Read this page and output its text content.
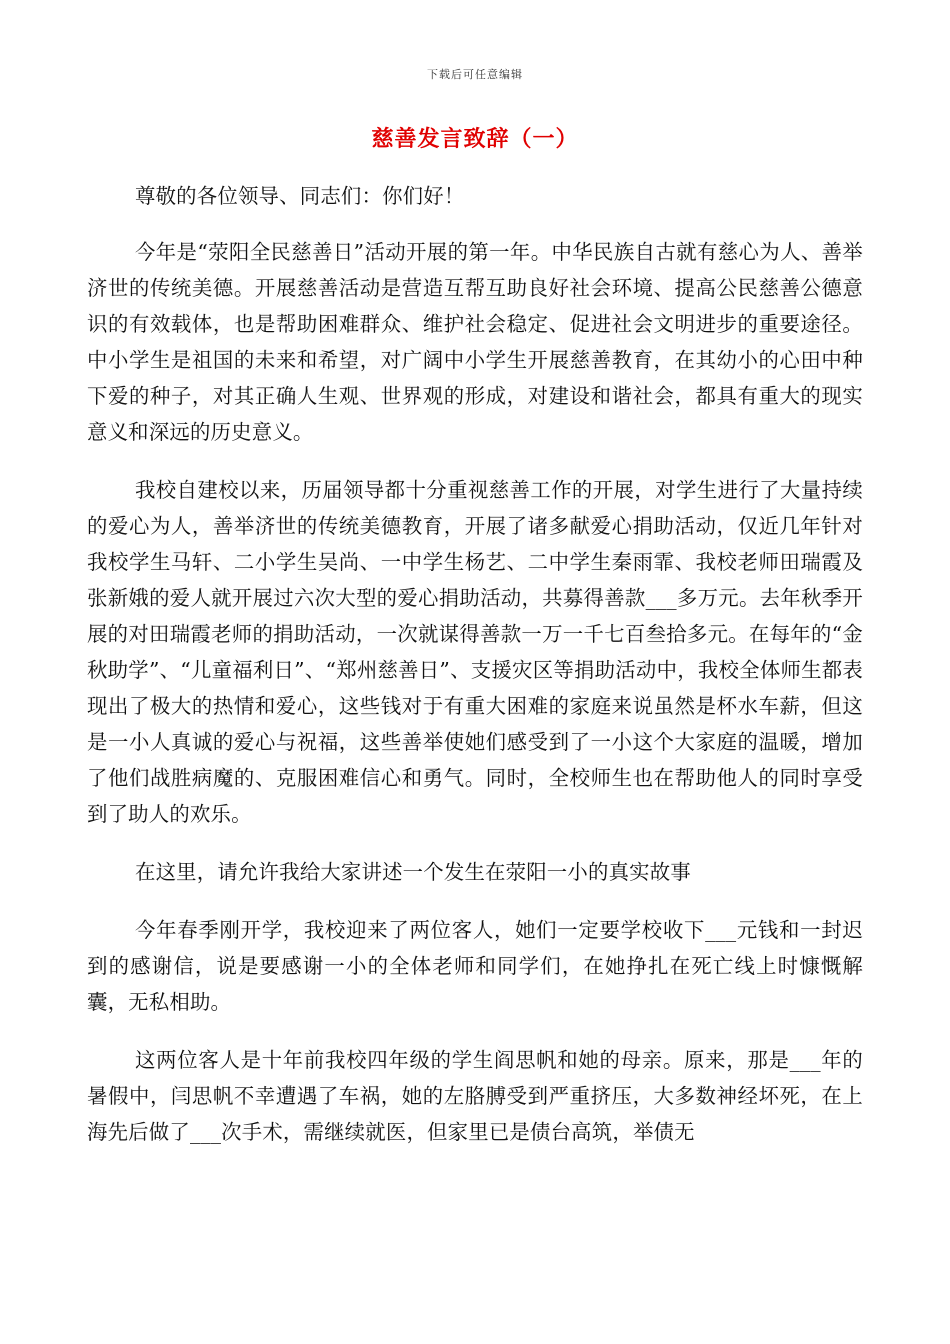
下载后可任意编辑
慈善发言致辞（一）

尊敬的各位领导、同志们：你们好！

今年是“荥阳全民慈善日”活动开展的第一年。中华民族自古就有慈心为人、善举济世的传统美德。开展慈善活动是营造互帮互助良好社会环境、提高公民慈善公德意识的有效载体，也是帮助困难群众、维护社会稳定、促进社会文明进步的重要途径。中小学生是祖国的未来和希望，对广阔中小学生开展慈善教育，在其幼小的心田中种下爱的种子，对其正确人生观、世界观的形成，对建设和谐社会，都具有重大的现实意义和深远的历史意义。

我校自建校以来，历届领导都十分重视慈善工作的开展，对学生进行了大量持续的爱心为人，善举济世的传统美德教育，开展了诸多献爱心捐助活动，仅近几年针对我校学生马轩、二小学生吴尚、一中学生杨艺、二中学生秦雨霏、我校老师田瑞霞及张新娥的爱人就开展过六次大型的爱心捐助活动，共募得善款___多万元。去年秋季开展的对田瑞霞老师的捐助活动，一次就谋得善款一万一千七百叁拾多元。在每年的“金秋助学”、“儿童福利日”、“郑州慈善日”、支援灾区等捐助活动中，我校全体师生都表现出了极大的热情和爱心，这些钱对于有重大困难的家庭来说虽然是杯水车薪，但这是一小人真诚的爱心与祝福，这些善举使她们感受到了一小这个大家庭的温暖，增加了他们战胜病魔的、克服困难信心和勇气。同时，全校师生也在帮助他人的同时享受到了助人的欢乐。

在这里，请允许我给大家讲述一个发生在荥阳一小的真实故事

今年春季刚开学，我校迎来了两位客人，她们一定要学校收下___元钱和一封迟到的感谢信，说是要感谢一小的全体老师和同学们，在她挣扎在死亡线上时慷慨解囊，无私相助。

这两位客人是十年前我校四年级的学生阎思帆和她的母亲。原来，那是___年的暑假中，闫思帆不幸遭遇了车祸，她的左胳膊受到严重挤压，大多数神经坏死，在上海先后做了___次手术，需继续就医，但家里已是债台高筑，举债无
